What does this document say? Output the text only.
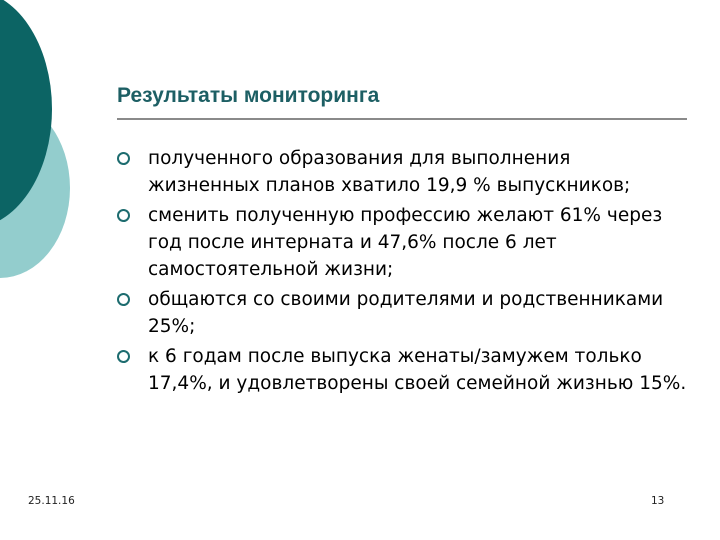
Результаты мониторинга
полученного образования для выполнения жизненных планов хватило 19,9 % выпускников;
сменить полученную профессию желают 61% через год после интерната и 47,6% после 6 лет самостоятельной жизни;
общаются со своими родителями и родственниками 25%;
к 6 годам после выпуска женаты/замужем только 17,4%, и удовлетворены своей семейной жизнью 15%.
25.11.16	13
